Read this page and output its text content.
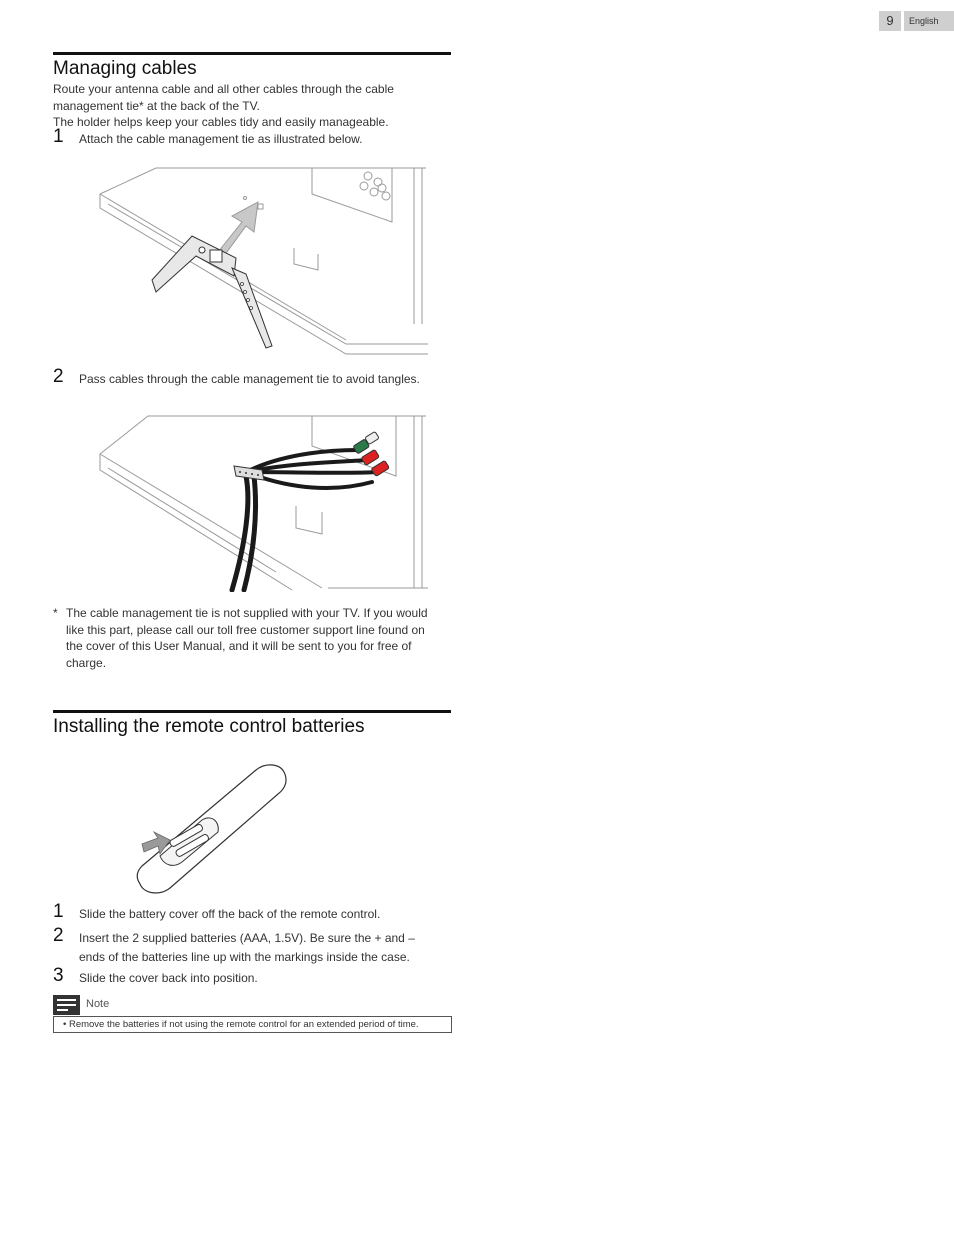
9	English
Managing cables

Route your antenna cable and all other cables through the cable

management tie* at the back of the TV.

The holder helps keep your cables tidy and easily manageable.

1 Attach the cable management tie as illustrated below.
2 Pass cables through the cable management tie to avoid tangles.
* The cable management tie is not supplied with your TV. If you would
like this part, please call our toll free customer support line found on
the cover of this User Manual, and it will be sent to you for free of
charge.
Installing the remote control batteries
1 Slide the battery cover off the back of the remote control.
2 Insert the 2 supplied batteries (AAA, 1.5V). Be sure the + and –
ends of the batteries line up with the markings inside the case.
3 Slide the cover back into position.
Note
• Remove the batteries if not using the remote control for an extended period of time.
